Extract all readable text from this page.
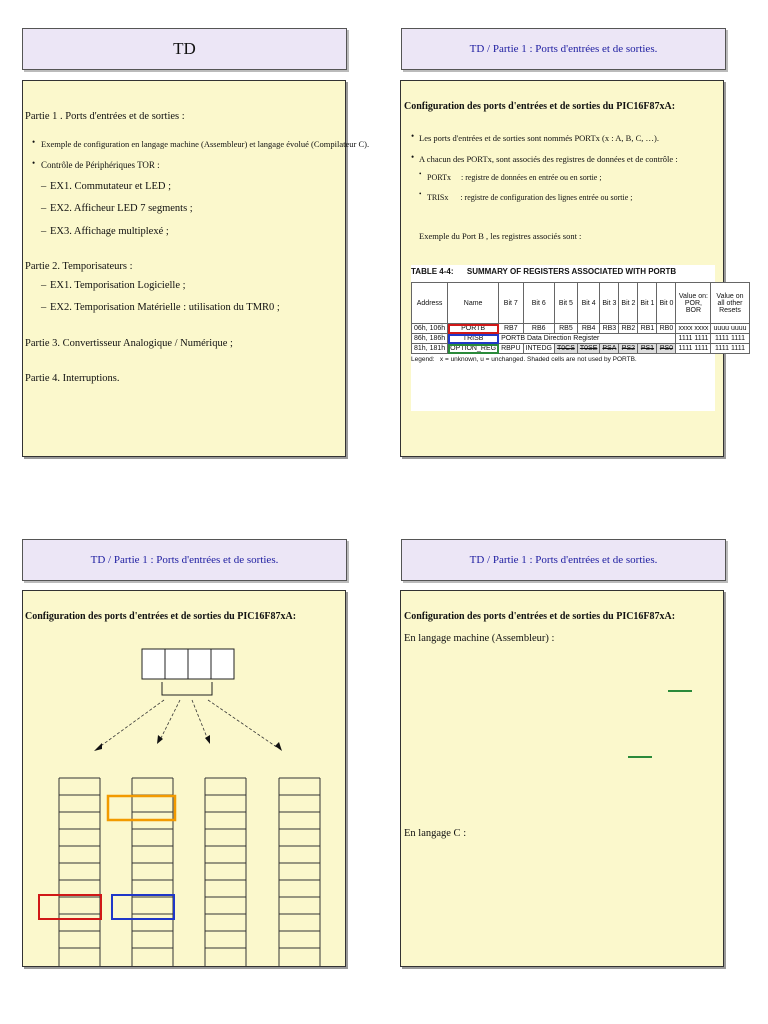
TD
Partie 1 . Ports d'entrées et de sorties :
• Exemple de configuration en langage machine (Assembleur) et langage évolué (Compilateur C).
• Contrôle de Périphériques TOR :
– EX1. Commutateur et LED ;
– EX2. Afficheur LED 7 segments ;
– EX3. Affichage multiplexé ;
Partie 2. Temporisateurs :
– EX1. Temporisation Logicielle ;
– EX2. Temporisation Matérielle : utilisation du TMR0 ;
Partie 3. Convertisseur Analogique / Numérique ;
Partie 4. Interruptions.
TD / Partie 1 : Ports d'entrées et de sorties.
Configuration des ports d'entrées et de sorties du PIC16F87xA:
• Les ports d'entrées et de sorties sont nommés PORTx (x : A, B, C, …).
• A chacun des PORTx, sont associés des registres de données et de contrôle :
• PORTx     : registre de données en entrée ou en sortie ;
• TRISx      : registre de configuration des lignes entrée ou sortie ;
Exemple du Port B , les registres associés sont :
TABLE 4-4:      SUMMARY OF REGISTERS ASSOCIATED WITH PORTB
Address	Name	Bit 7	Bit 6	Bit 5	Bit 4	Bit 3	Bit 2	Bit 1	Bit 0	Value on: POR, BOR	Value on all other Resets
06h, 106h	PORTB	RB7	RB6	RB5	RB4	RB3	RB2	RB1	RB0	xxxx xxxx	uuuu uuuu
86h, 186h	TRISB	PORTB Data Direction Register								1111 1111	1111 1111
81h, 181h	OPTION_REG	RBPU	INTEDG	T0CS	T0SE	PSA	PS2	PS1	PS0	1111 1111	1111 1111
Legend:   x = unknown, u = unchanged. Shaded cells are not used by PORTB.
TD / Partie 1 : Ports d'entrées et de sorties.
Configuration des ports d'entrées et de sorties du PIC16F87xA:
TD / Partie 1 : Ports d'entrées et de sorties.
Configuration des ports d'entrées et de sorties du PIC16F87xA:
En langage machine (Assembleur) :
En langage C :
